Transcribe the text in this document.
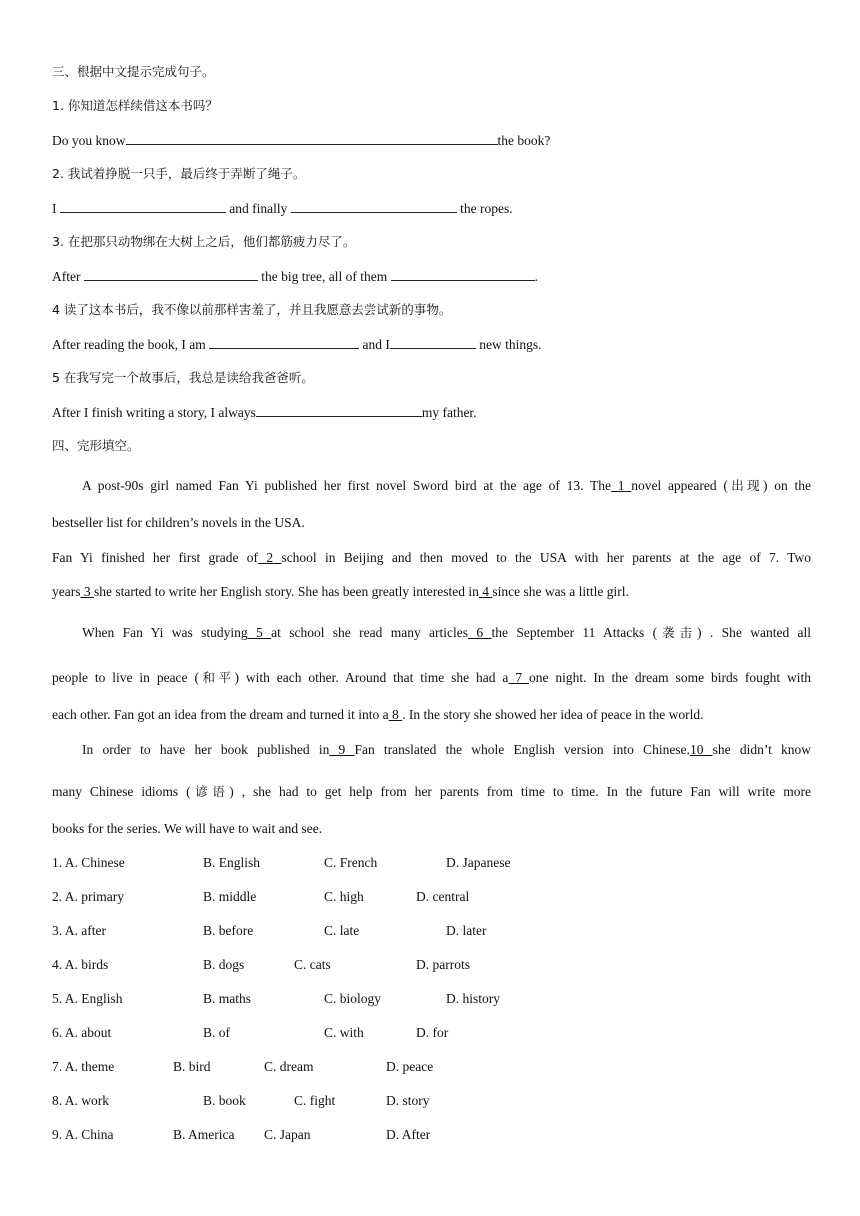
三、根据中文提示完成句子。
1. 你知道怎样续借这本书吗？
Do you know	the book?
2. 我试着挣脱一只手，最后终于弄断了绳子。
I	and finally	the ropes.
3. 在把那只动物绑在大树上之后，他们都筋疲力尽了。
After	the big tree, all of them	.
4 读了这本书后，我不像以前那样害羞了，并且我愿意去尝试新的事物。
After reading the book, I am	and I	new things.
5 在我写完一个故事后，我总是读给我爸爸听。
After I finish writing a story, I always	my father.
四、完形填空。
A post-90s girl named Fan Yi published her first novel Sword bird at the age of 13. The 1 novel appeared (出现) on the
bestseller list for children’s novels in the USA.
Fan Yi finished her first grade of 2 school in Beijing and then moved to the USA with her parents at the age of 7. Two
years 3 she started to write her English story. She has been greatly interested in 4 since she was a little girl.
When Fan Yi was studying 5 at school she read many articles 6 the September 11 Attacks (袭击) . She wanted all
people to live in peace (和平) with each other. Around that time she had a 7 one night. In the dream some birds fought with
each other. Fan got an idea from the dream and turned it into a 8 . In the story she showed her idea of peace in the world.
In order to have her book published in 9 Fan translated the whole English version into Chinese.10 she didn’t know
many Chinese idioms (谚语) , she had to get help from her parents from time to time. In the future Fan will write more
books for the series. We will have to wait and see.
1. A. Chinese	B. English	C. French	D. Japanese
2. A. primary	B. middle	C. high	D. central
3. A. after	B. before	C. late	D. later
4. A. birds	B. dogs	C. cats	D. parrots
5. A. English	B. maths	C. biology	D. history
6. A. about	B. of	C. with	D. for
7. A. theme	B. bird	C. dream	D. peace
8. A. work	B. book	C. fight	D. story
9. A. China	B. America C. Japan	D. After
